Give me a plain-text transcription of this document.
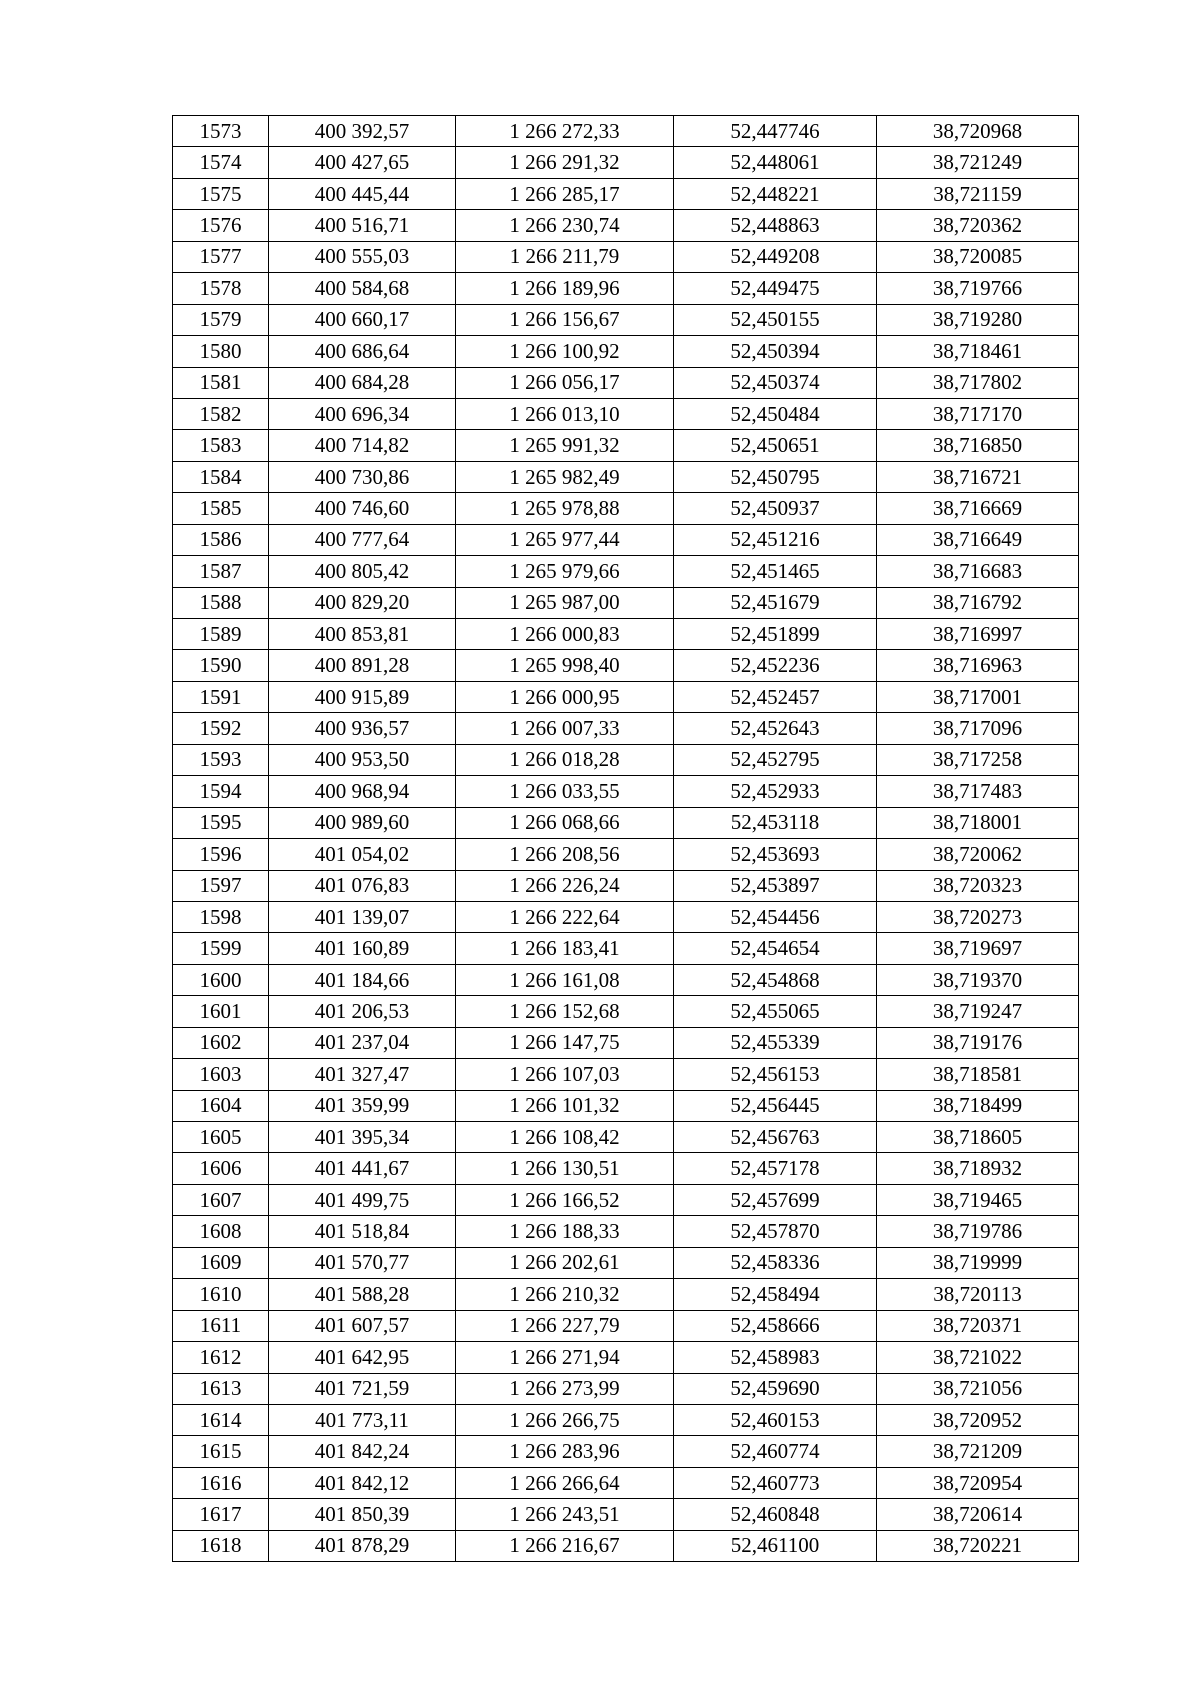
1573	400 392,57	1 266 272,33	52,447746	38,720968
1574	400 427,65	1 266 291,32	52,448061	38,721249
1575	400 445,44	1 266 285,17	52,448221	38,721159
1576	400 516,71	1 266 230,74	52,448863	38,720362
1577	400 555,03	1 266 211,79	52,449208	38,720085
1578	400 584,68	1 266 189,96	52,449475	38,719766
1579	400 660,17	1 266 156,67	52,450155	38,719280
1580	400 686,64	1 266 100,92	52,450394	38,718461
1581	400 684,28	1 266 056,17	52,450374	38,717802
1582	400 696,34	1 266 013,10	52,450484	38,717170
1583	400 714,82	1 265 991,32	52,450651	38,716850
1584	400 730,86	1 265 982,49	52,450795	38,716721
1585	400 746,60	1 265 978,88	52,450937	38,716669
1586	400 777,64	1 265 977,44	52,451216	38,716649
1587	400 805,42	1 265 979,66	52,451465	38,716683
1588	400 829,20	1 265 987,00	52,451679	38,716792
1589	400 853,81	1 266 000,83	52,451899	38,716997
1590	400 891,28	1 265 998,40	52,452236	38,716963
1591	400 915,89	1 266 000,95	52,452457	38,717001
1592	400 936,57	1 266 007,33	52,452643	38,717096
1593	400 953,50	1 266 018,28	52,452795	38,717258
1594	400 968,94	1 266 033,55	52,452933	38,717483
1595	400 989,60	1 266 068,66	52,453118	38,718001
1596	401 054,02	1 266 208,56	52,453693	38,720062
1597	401 076,83	1 266 226,24	52,453897	38,720323
1598	401 139,07	1 266 222,64	52,454456	38,720273
1599	401 160,89	1 266 183,41	52,454654	38,719697
1600	401 184,66	1 266 161,08	52,454868	38,719370
1601	401 206,53	1 266 152,68	52,455065	38,719247
1602	401 237,04	1 266 147,75	52,455339	38,719176
1603	401 327,47	1 266 107,03	52,456153	38,718581
1604	401 359,99	1 266 101,32	52,456445	38,718499
1605	401 395,34	1 266 108,42	52,456763	38,718605
1606	401 441,67	1 266 130,51	52,457178	38,718932
1607	401 499,75	1 266 166,52	52,457699	38,719465
1608	401 518,84	1 266 188,33	52,457870	38,719786
1609	401 570,77	1 266 202,61	52,458336	38,719999
1610	401 588,28	1 266 210,32	52,458494	38,720113
1611	401 607,57	1 266 227,79	52,458666	38,720371
1612	401 642,95	1 266 271,94	52,458983	38,721022
1613	401 721,59	1 266 273,99	52,459690	38,721056
1614	401 773,11	1 266 266,75	52,460153	38,720952
1615	401 842,24	1 266 283,96	52,460774	38,721209
1616	401 842,12	1 266 266,64	52,460773	38,720954
1617	401 850,39	1 266 243,51	52,460848	38,720614
1618	401 878,29	1 266 216,67	52,461100	38,720221
